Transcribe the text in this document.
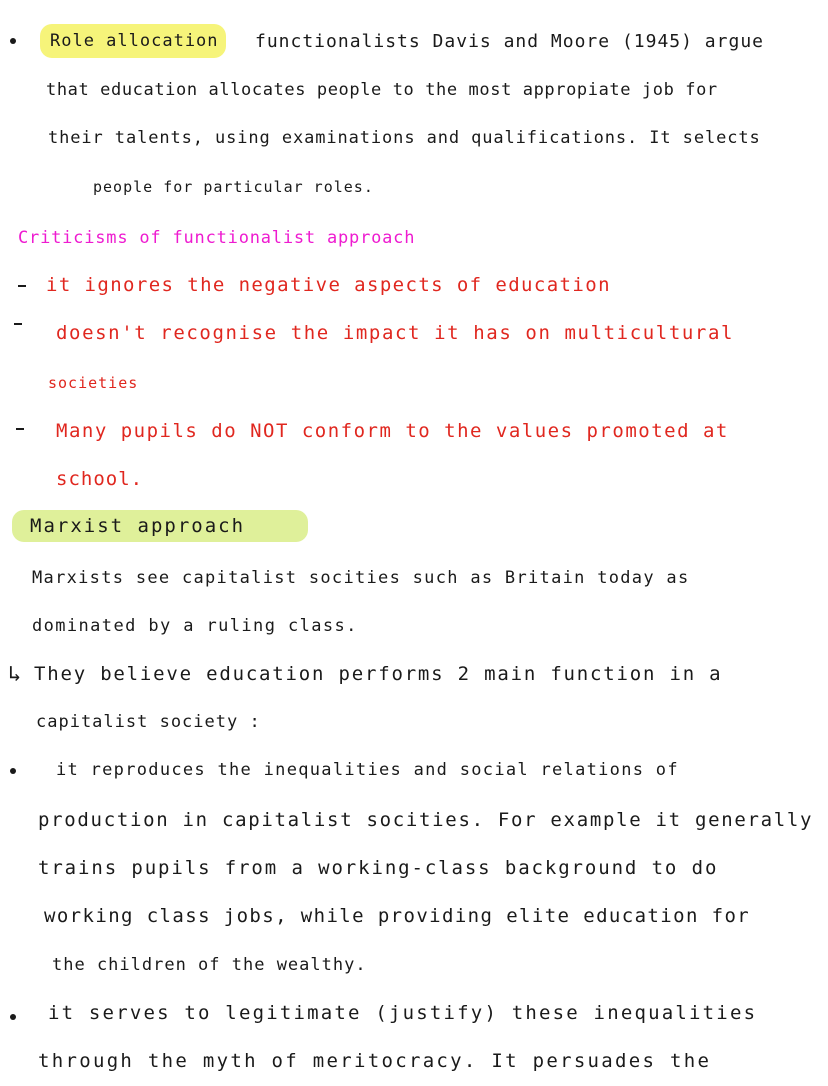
Role allocation functionalists Davis and Moore (1945) argue
that education allocates people to the most appropiate job for
their talents, using examinations and qualifications. It selects
people for particular roles.
Criticisms of functionalist approach
it ignores the negative aspects of education
doesn't recognise the impact it has on multicultural
societies
Many pupils do NOT conform to the values promoted at
school.
Marxist approach
Marxists see capitalist socities such as Britain today as
dominated by a ruling class.
↳ They believe education performs 2 main function in a
capitalist society :
it reproduces the inequalities and social relations of
production in capitalist socities. For example it generally
trains pupils from a working-class background to do
working class jobs, while providing elite education for
the children of the wealthy.
it serves to legitimate (justify) these inequalities
through the myth of meritocracy. It persuades the
